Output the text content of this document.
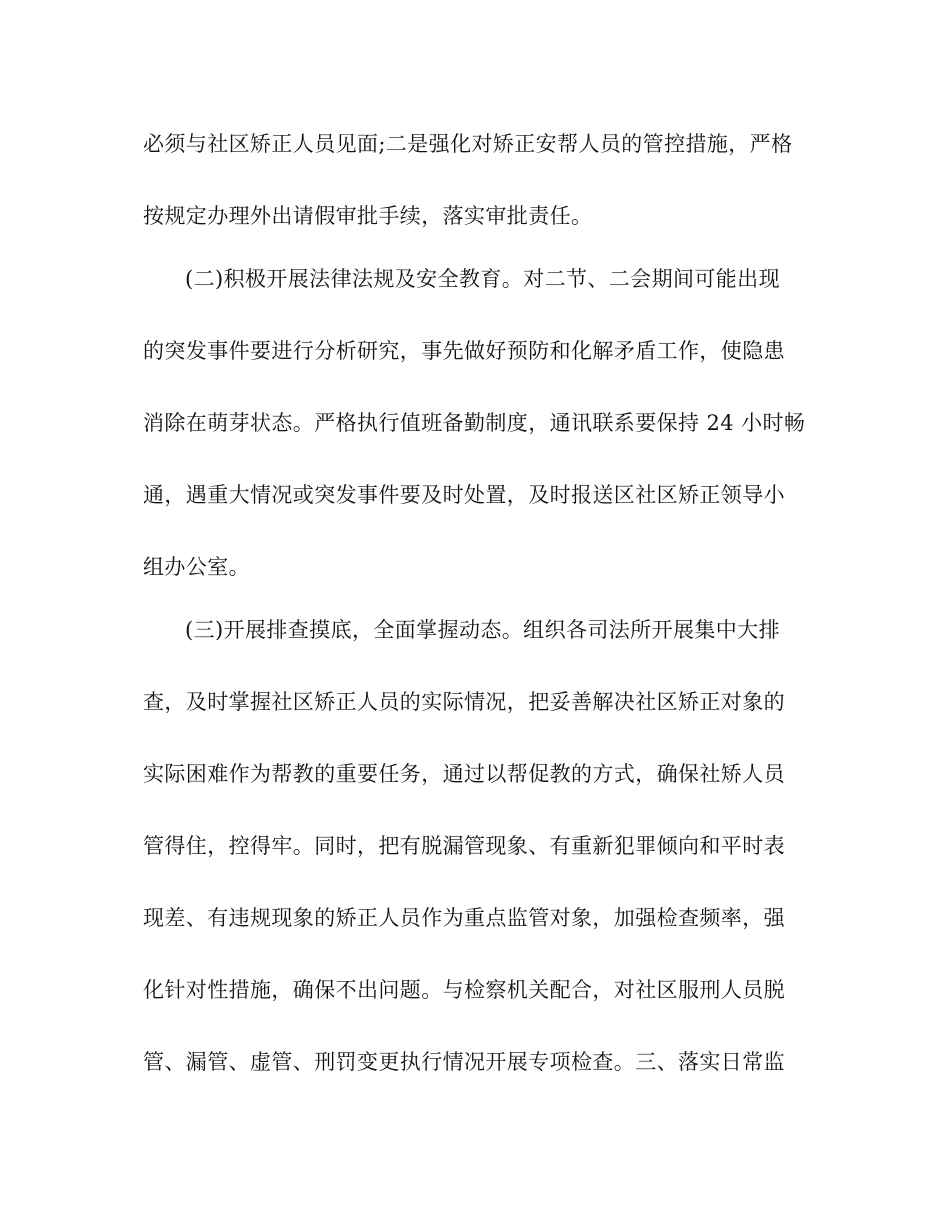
必须与社区矫正人员见面;二是强化对矫正安帮人员的管控措施，严格
按规定办理外出请假审批手续，落实审批责任。
(二)积极开展法律法规及安全教育。对二节、二会期间可能出现
的突发事件要进行分析研究，事先做好预防和化解矛盾工作，使隐患
消除在萌芽状态。严格执行值班备勤制度，通讯联系要保持 24 小时畅
通，遇重大情况或突发事件要及时处置，及时报送区社区矫正领导小
组办公室。
(三)开展排查摸底，全面掌握动态。组织各司法所开展集中大排
查，及时掌握社区矫正人员的实际情况，把妥善解决社区矫正对象的
实际困难作为帮教的重要任务，通过以帮促教的方式，确保社矫人员
管得住，控得牢。同时，把有脱漏管现象、有重新犯罪倾向和平时表
现差、有违规现象的矫正人员作为重点监管对象，加强检查频率，强
化针对性措施，确保不出问题。与检察机关配合，对社区服刑人员脱
管、漏管、虚管、刑罚变更执行情况开展专项检查。三、落实日常监
